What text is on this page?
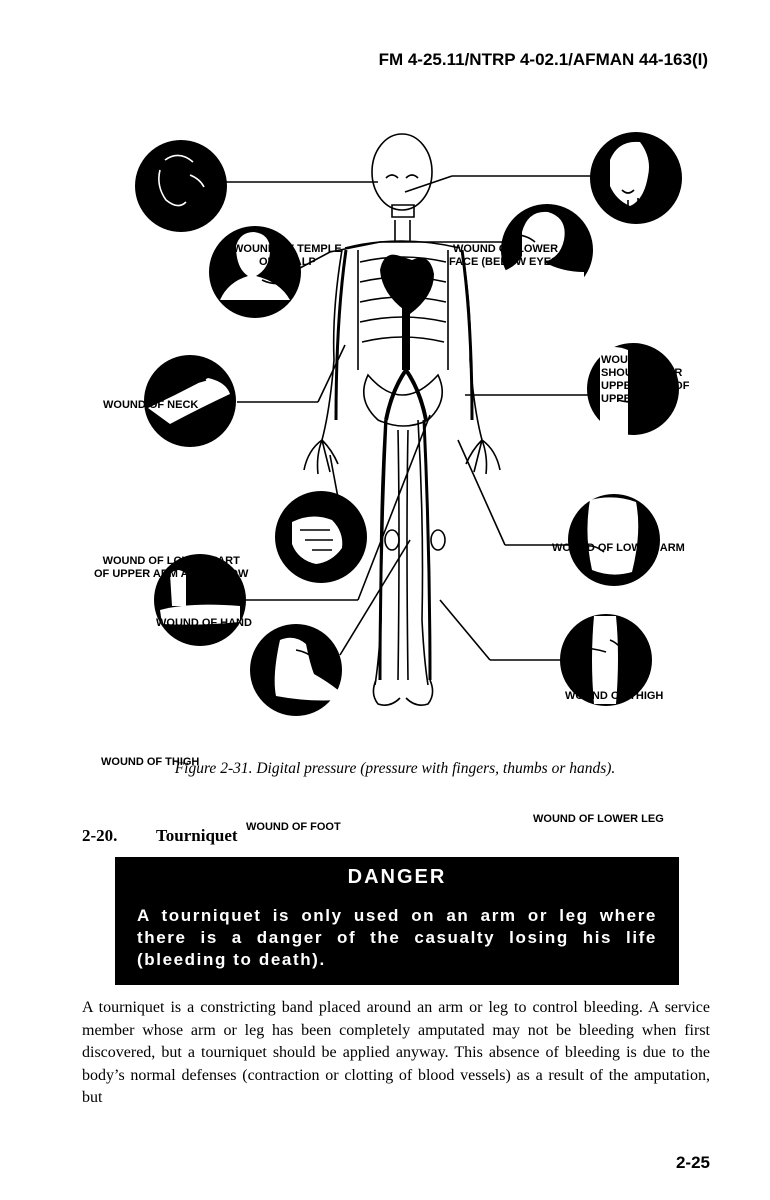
FM 4-25.11/NTRP 4-02.1/AFMAN 44-163(I)
WOUND OF TEMPLE
OR SCALP
WOUND OF LOWER
FACE (BELOW EYES)
WOUND OF
SHOULDER OR
UPPER PART OF
UPPER ARM
WOUND OF NECK
WOUND OF LOWER ARM
WOUND OF LOWER PART
OF UPPER ARM AND ELBOW
WOUND OF HAND
WOUND OF THIGH
WOUND OF THIGH
WOUND OF LOWER LEG
WOUND OF FOOT
Figure 2-31. Digital pressure (pressure with fingers, thumbs or hands).
2-20. Tourniquet
DANGER
A tourniquet is only used on an arm or leg where there is a danger of the casualty losing his life (bleeding to death).
A tourniquet is a constricting band placed around an arm or leg to control bleeding. A service member whose arm or leg has been completely amputated may not be bleeding when first discovered, but a tourniquet should be applied anyway. This absence of bleeding is due to the body’s normal defenses (contraction or clotting of blood vessels) as a result of the amputation, but
2-25
